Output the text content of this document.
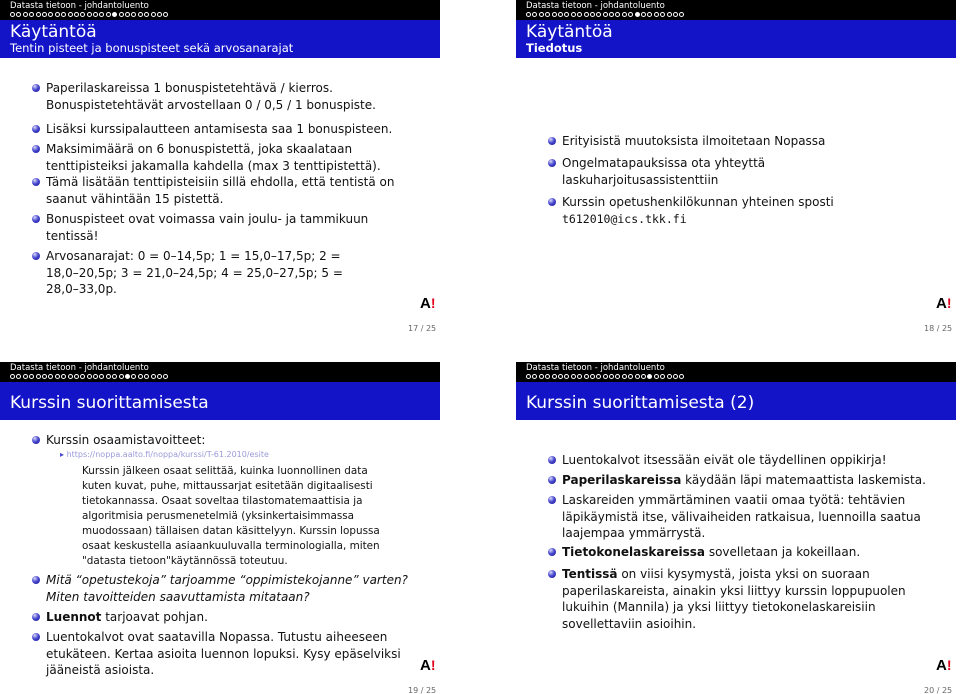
Datasta tietoon - johdantoluento
Käytäntöä
Tentin pisteet ja bonuspisteet sekä arvosanarajat
Paperilaskareissa 1 bonuspistetehtävä / kierros.
Bonuspistetehtävät arvostellaan 0 / 0,5 / 1 bonuspiste.
Lisäksi kurssipalautteen antamisesta saa 1 bonuspisteen.
Maksimimäärä on 6 bonuspistettä, joka skaalataan
tenttipisteiksi jakamalla kahdella (max 3 tenttipistettä).
Tämä lisätään tenttipisteisiin sillä ehdolla, että tentistä on
saanut vähintään 15 pistettä.
Bonuspisteet ovat voimassa vain joulu- ja tammikuun
tentissä!
Arvosanarajat: 0 = 0–14,5p; 1 = 15,0–17,5p; 2 =
18,0–20,5p; 3 = 21,0–24,5p; 4 = 25,0–27,5p; 5 =
28,0–33,0p.
A!
17 / 25
Datasta tietoon - johdantoluento
Käytäntöä
Tiedotus
Erityisistä muutoksista ilmoitetaan Nopassa
Ongelmatapauksissa ota yhteyttä
laskuharjoitusassistenttiin
Kurssin opetushenkilökunnan yhteinen sposti
t612010@ics.tkk.fi
A!
18 / 25
Datasta tietoon - johdantoluento
Kurssin suorittamisesta
Kurssin osaamistavoitteet:
▸ https://noppa.aalto.fi/noppa/kurssi/T-61.2010/esite
Kurssin jälkeen osaat selittää, kuinka luonnollinen data
kuten kuvat, puhe, mittaussarjat esitetään digitaalisesti
tietokannassa. Osaat soveltaa tilastomatemaattisia ja
algoritmisia perusmenetelmiä (yksinkertaisimmassa
muodossaan) tällaisen datan käsittelyyn. Kurssin lopussa
osaat keskustella asiaankuuluvalla terminologialla, miten
"datasta tietoon"käytännössä toteutuu.
Mitä “opetustekoja” tarjoamme “oppimistekojanne” varten?
Miten tavoitteiden saavuttamista mitataan?
Luennot tarjoavat pohjan.
Luentokalvot ovat saatavilla Nopassa. Tutustu aiheeseen
etukäteen. Kertaa asioita luennon lopuksi. Kysy epäselviksi
jääneistä asioista.	A!
19 / 25
Datasta tietoon - johdantoluento
Kurssin suorittamisesta (2)
Luentokalvot itsessään eivät ole täydellinen oppikirja!
Paperilaskareissa käydään läpi matemaattista laskemista.
Laskareiden ymmärtäminen vaatii omaa työtä: tehtävien
läpikäymistä itse, välivaiheiden ratkaisua, luennoilla saatua
laajempaa ymmärrystä.
Tietokonelaskareissa sovelletaan ja kokeillaan.
Tentissä on viisi kysymystä, joista yksi on suoraan
paperilaskareista, ainakin yksi liittyy kurssin loppupuolen
lukuihin (Mannila) ja yksi liittyy tietokonelaskareisiin
sovellettaviin asioihin.
A!
20 / 25
